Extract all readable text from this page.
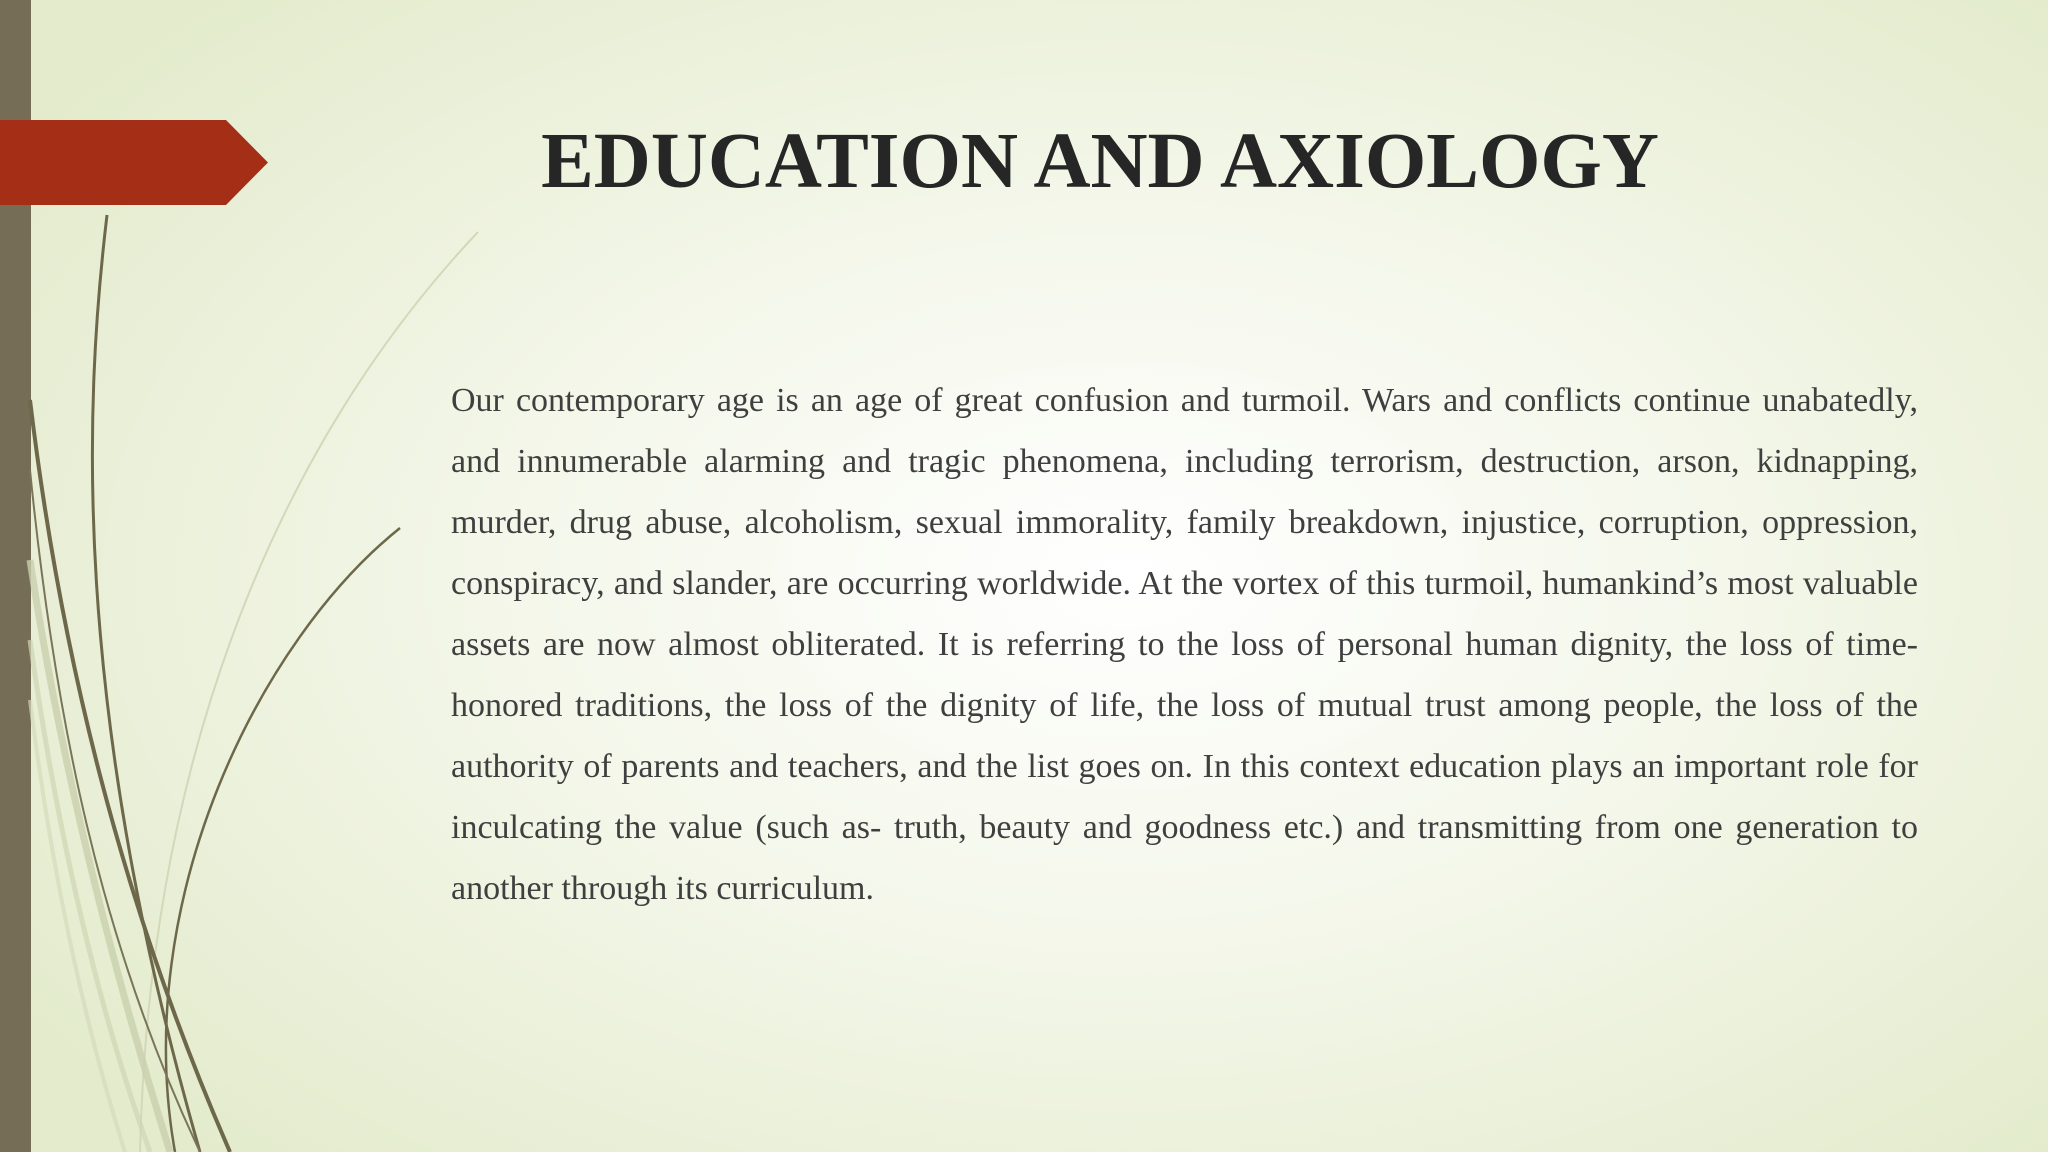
EDUCATION AND AXIOLOGY

Our contemporary age is an age of great confusion and turmoil. Wars and conflicts continue unabatedly, and innumerable alarming and tragic phenomena, including terrorism, destruction, arson, kidnapping, murder, drug abuse, alcoholism, sexual immorality, family breakdown, injustice, corruption, oppression, conspiracy, and slander, are occurring worldwide. At the vortex of this turmoil, humankind’s most valuable assets are now almost obliterated. It is referring to the loss of personal human dignity, the loss of time-honored traditions, the loss of the dignity of life, the loss of mutual trust among people, the loss of the authority of parents and teachers, and the list goes on. In this context education plays an important role for inculcating the value (such as- truth, beauty and goodness etc.) and transmitting from one generation to another through its curriculum.
